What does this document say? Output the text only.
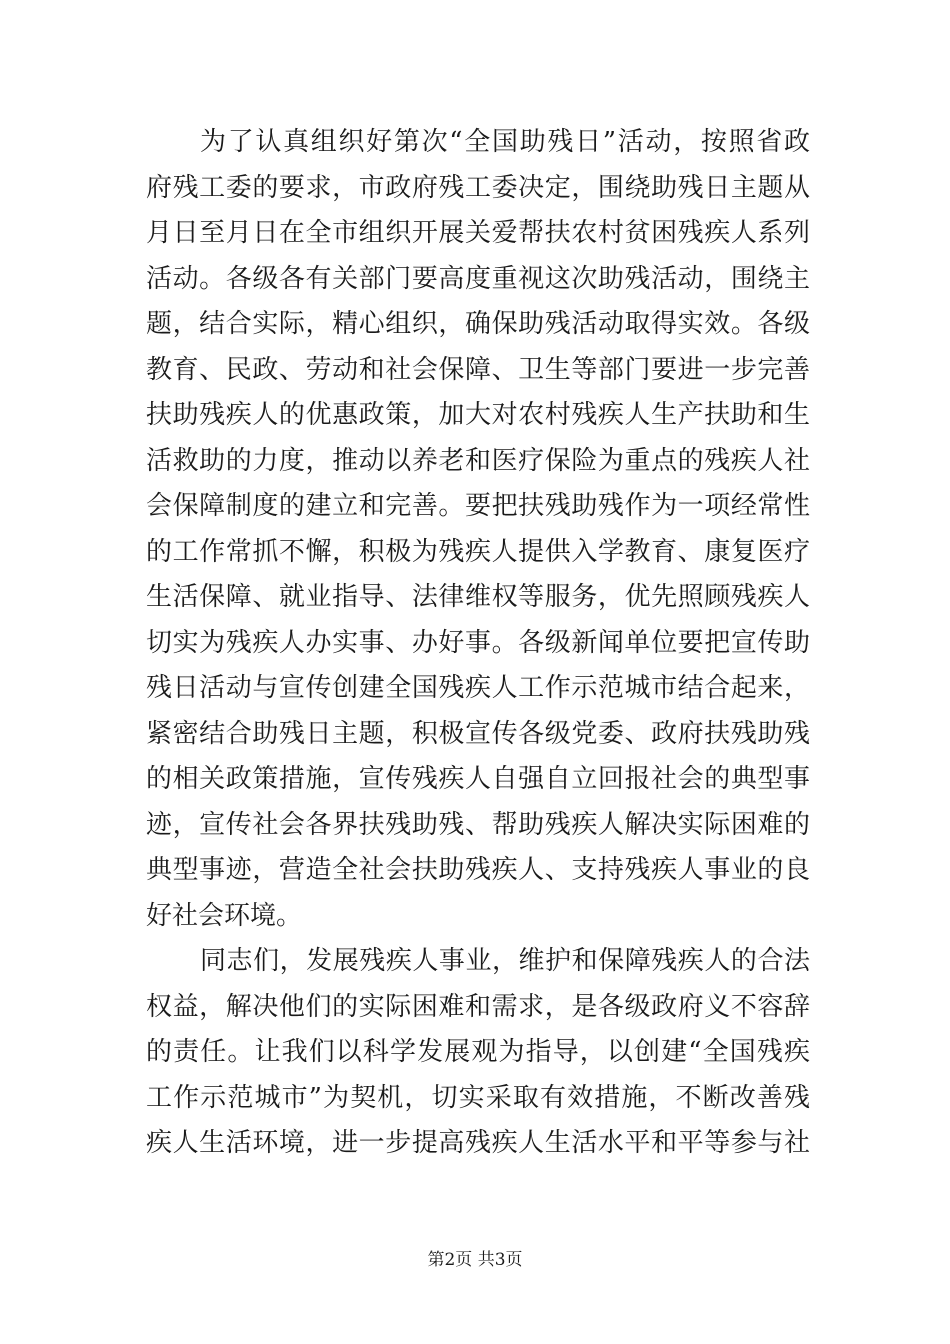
为了认真组织好第次“全国助残日”活动，按照省政
府残工委的要求，市政府残工委决定，围绕助残日主题从
月日至月日在全市组织开展关爱帮扶农村贫困残疾人系列
活动。各级各有关部门要高度重视这次助残活动，围绕主
题，结合实际，精心组织，确保助残活动取得实效。各级
教育、民政、劳动和社会保障、卫生等部门要进一步完善
扶助残疾人的优惠政策，加大对农村残疾人生产扶助和生
活救助的力度，推动以养老和医疗保险为重点的残疾人社
会保障制度的建立和完善。要把扶残助残作为一项经常性
的工作常抓不懈，积极为残疾人提供入学教育、康复医疗
生活保障、就业指导、法律维权等服务，优先照顾残疾人
切实为残疾人办实事、办好事。各级新闻单位要把宣传助
残日活动与宣传创建全国残疾人工作示范城市结合起来，
紧密结合助残日主题，积极宣传各级党委、政府扶残助残
的相关政策措施，宣传残疾人自强自立回报社会的典型事
迹，宣传社会各界扶残助残、帮助残疾人解决实际困难的
典型事迹，营造全社会扶助残疾人、支持残疾人事业的良
好社会环境。
同志们，发展残疾人事业，维护和保障残疾人的合法
权益，解决他们的实际困难和需求，是各级政府义不容辞
的责任。让我们以科学发展观为指导，以创建“全国残疾
工作示范城市”为契机，切实采取有效措施，不断改善残
疾人生活环境，进一步提高残疾人生活水平和平等参与社
第2页 共3页
